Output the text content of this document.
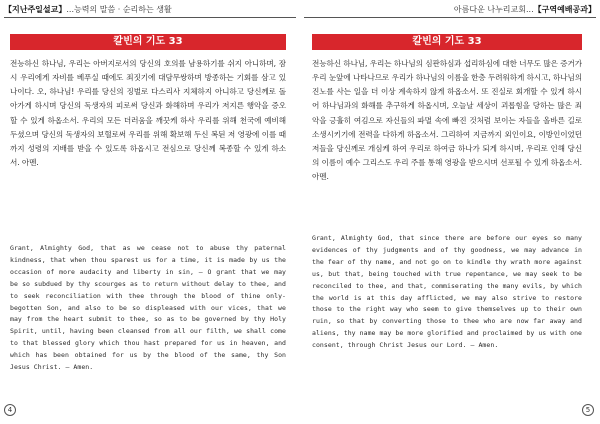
【지난주일설교】...능력의 말씀 · 순리하는 생활
칼빈의 기도 33
전능하신 하나님, 우리는 아버지로서의 당신의 호의를 남용하기를 쉬지 아니하며, 잠시 우리에게 자비를 베푸실 때에도 죄짓기에 대담무쌍하며 방종하는 기회를 삼고 있나이다. 오, 하나님! 우리를 당신의 징벌로 다스리사 지체하지 아니하고 당신께로 돌아가게 하시며 당신의 독생자의 피로써 당신과 화해하며 우리가 저지른 행악을 증오할 수 있게 하옵소서. 우리의 모든 더러움을 깨끗케 하사 우리를 위해 천국에 예비해 두셨으며 당신의 독생자의 보혈로써 우리를 위해 확보해 두신 복된 저 영광에 이를 때까지 성령의 지배를 받을 수 있도록 하옵시고 전심으로 당신께 복종할 수 있게 하소서. 아멘.
Grant, Almighty God, that as we cease not to abuse thy paternal kindness, that when thou sparest us for a time, it is made by us the occasion of more audacity and liberty in sin, — O grant that we may be so subdued by thy scourges as to return without delay to thee, and to seek reconciliation with thee through the blood of thine only-begotten Son, and also to be so displeased with our vices, that we may from the heart submit to thee, so as to be governed by thy Holy Spirit, until, having been cleansed from all our filth, we shall come to that blessed glory which thou hast prepared for us in heaven, and which has been obtained for us by the blood of the same, thy Son Jesus Christ. — Amen.
4
아름다운 나누리교회...【구역예배공과】
칼빈의 기도 33
전능하신 하나님, 우리는 하나님의 심판하심과 섭리하심에 대한 너무도 많은 증거가 우리 눈앞에 나타나므로 우리가 하나님의 이름을 한층 두려워하게 하시고, 하나님의 진노를 사는 일을 더 이상 계속하지 않게 하옵소서. 또 진실로 회개할 수 있게 하시어 하나님과의 화해를 추구하게 하옵시며, 오늘날 세상이 괴롭힘을 당하는 많은 죄악을 긍휼히 여김으로 자신들의 파멸 속에 빠진 것처럼 보이는 자들을 올바른 길로 소생시키기에 전력을 다하게 하옵소서. 그리하여 지금까지 외인이요, 이방인이었던 저들을 당신께로 개심케 하여 우리로 하여금 하나가 되게 하시며, 우리로 인해 당신의 이름이 예수 그리스도 우리 주를 통해 영광을 받으시며 선포될 수 있게 하옵소서. 아멘.
Grant, Almighty God, that since there are before our eyes so many evidences of thy judgments and of thy goodness, we may advance in the fear of thy name, and not go on to kindle thy wrath more against us, but that, being touched with true repentance, we may seek to be reconciled to thee, and that, commiserating the many evils, by which the world is at this day afflicted, we may also strive to restore those to the right way who seem to give themselves up to their own ruin, so that by converting those to thee who are now far away and aliens, thy name may be more glorified and proclaimed by us with one consent, through Christ Jesus our Lord. — Amen.
5
